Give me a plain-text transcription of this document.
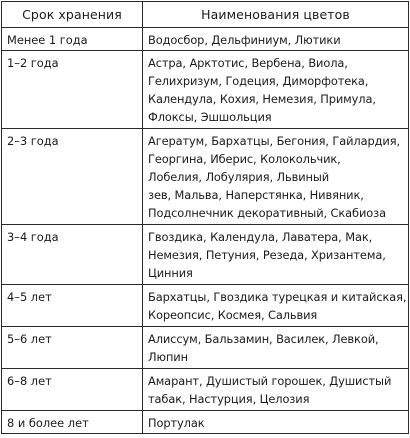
Срок хранения	Наименования цветов
Менее 1 года	Водосбор, Дельфиниум, Лютики

1–2 года	Астра, Арктотис, Вербена, Виола,
Гелихризум, Годеция, Диморфотека,
Календула, Кохия, Немезия, Примула,
Флоксы, Эшшольция

2–3 года	Агератум, Бархатцы, Бегония, Гайлардия,
Георгина, Иберис, Колокольчик,
Лобелия, Лобулярия, Львиный
зев, Мальва, Наперстянка, Нивяник,
Подсолнечник декоративный, Скабиоза

3–4 года	Гвоздика, Календула, Лаватера, Мак,
Немезия, Петуния, Резеда, Хризантема,
Цинния

4–5 лет	Бархатцы, Гвоздика турецкая и китайская,
Кореопсис, Космея, Сальвия

5–6 лет	Алиссум, Бальзамин, Василек, Левкой,
Люпин

6–8 лет	Амарант, Душистый горошек, Душистый
табак, Настурция, Целозия

8 и более лет	Портулак
